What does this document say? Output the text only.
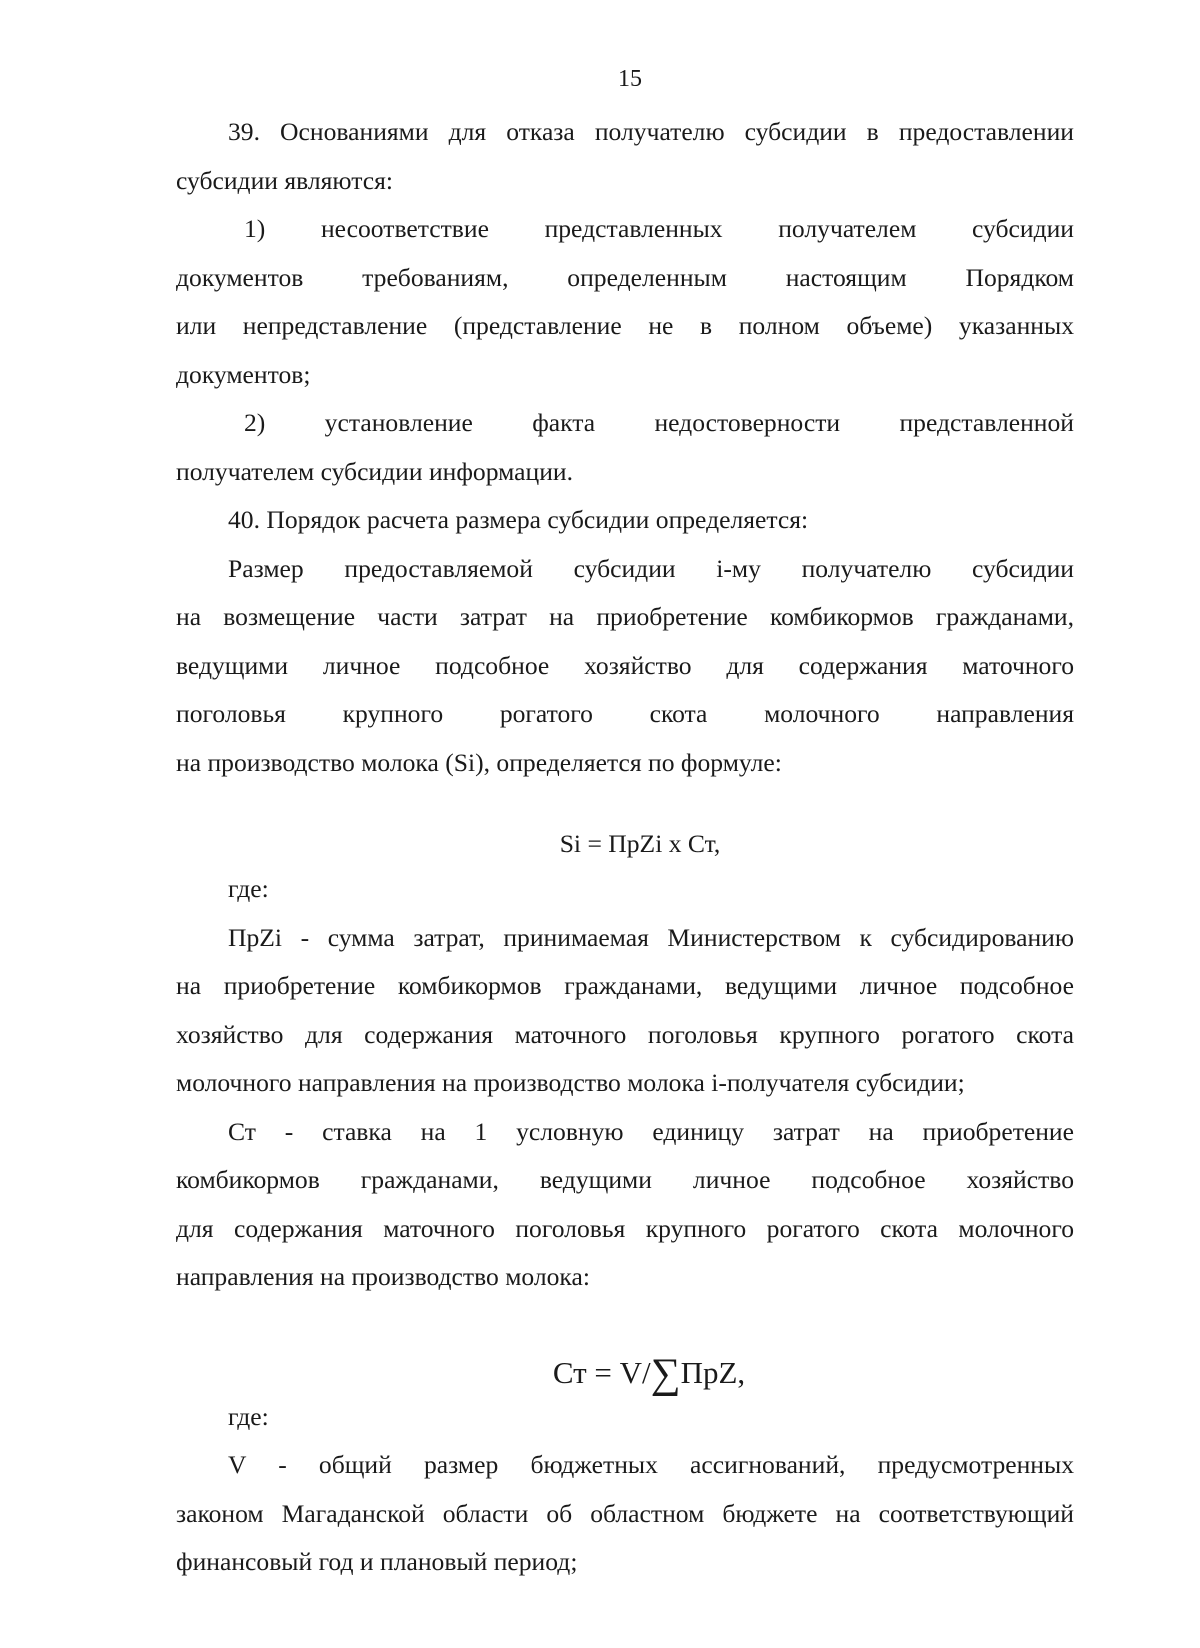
15

39. Основаниями для отказа получателю субсидии в предоставлении

субсидии являются:

1) несоответствие представленных получателем субсидии

документов требованиям, определенным настоящим Порядком

или непредставление (представление не в полном объеме) указанных

документов;

2) установление факта недостоверности представленной

получателем субсидии информации.

40. Порядок расчета размера субсидии определяется:

Размер предоставляемой субсидии i-му получателю субсидии

на возмещение части затрат на приобретение комбикормов гражданами,

ведущими личное подсобное хозяйство для содержания маточного

поголовья крупного рогатого скота молочного направления

на производство молока (Si), определяется по формуле:

Si = ПрZi x Ст,

где:

ПрZi - сумма затрат, принимаемая Министерством к субсидированию

на приобретение комбикормов гражданами, ведущими личное подсобное

хозяйство для содержания маточного поголовья крупного рогатого скота

молочного направления на производство молока i-получателя субсидии;

Ст - ставка на 1 условную единицу затрат на приобретение

комбикормов гражданами, ведущими личное подсобное хозяйство

для содержания маточного поголовья крупного рогатого скота молочного

направления на производство молока:

Ст = V/∑ПрZ,

где:

V - общий размер бюджетных ассигнований, предусмотренных

законом Магаданской области об областном бюджете на соответствующий

финансовый год и плановый период;
